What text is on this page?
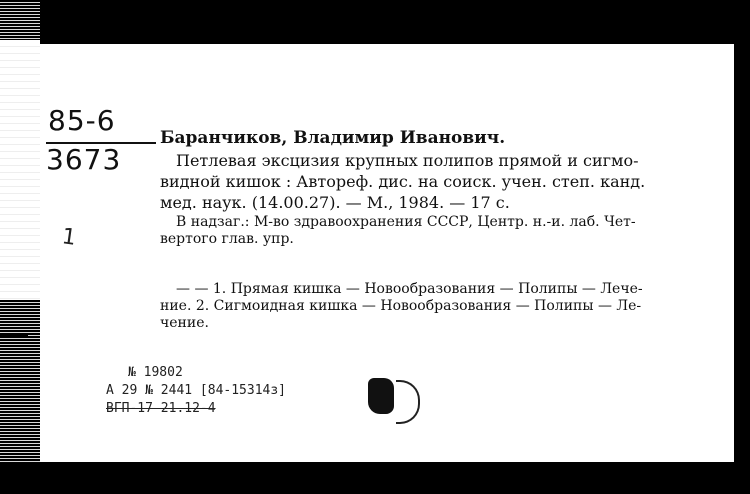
85-6
3673
1
Баранчиков, Владимир Иванович.
Петлевая эксцизия крупных полипов прямой и сигмо-
видной кишок : Автореф. дис. на соиск. учен. степ. канд.
мед. наук. (14.00.27). — М., 1984. — 17 с.
В надзаг.: М-во здравоохранения СССР, Центр. н.-и. лаб. Чет-
вертого глав. упр.
— — 1. Прямая кишка — Новообразования — Полипы — Лече-
ние. 2. Сигмоидная кишка — Новообразования — Полипы — Ле-
чение.
№ 19802
А 29 № 2441 [84-15314з]
ВГП-17—21.12-4
